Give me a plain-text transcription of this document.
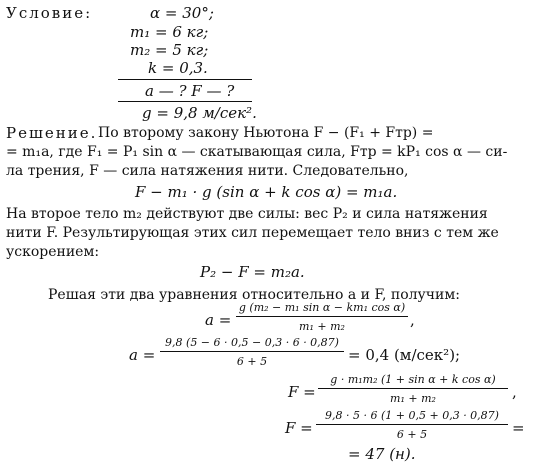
Условие:	α = 30°;
m₁ = 6 кг;
m₂ = 5 кг;
k = 0,3.
a — ? F — ?
g = 9,8 м/сек².
Решение. По второму закону Ньютона F − (F₁ + Fтр) =
= m₁a, где F₁ = P₁ sin α — скатывающая сила, Fтр = kP₁ cos α — си-
ла трения, F — сила натяжения нити. Следовательно,
F − m₁ · g (sin α + k cos α) = m₁a.
На второе тело m₂ действуют две силы: вес P₂ и сила натяжения
нити F. Результирующая этих сил перемещает тело вниз с тем же
ускорением:
P₂ − F = m₂a.
Решая эти два уравнения относительно a и F, получим:
a =
g (m₂ − m₁ sin α − km₁ cos α)
m₁ + m₂	,
a =
9,8 (5 − 6 · 0,5 − 0,3 · 6 · 0,87)
6 + 5	= 0,4 (м/сек²);
F =
g · m₁m₂ (1 + sin α + k cos α)
m₁ + m₂	,
F =
9,8 · 5 · 6 (1 + 0,5 + 0,3 · 0,87)
6 + 5	=
= 47 (н).
